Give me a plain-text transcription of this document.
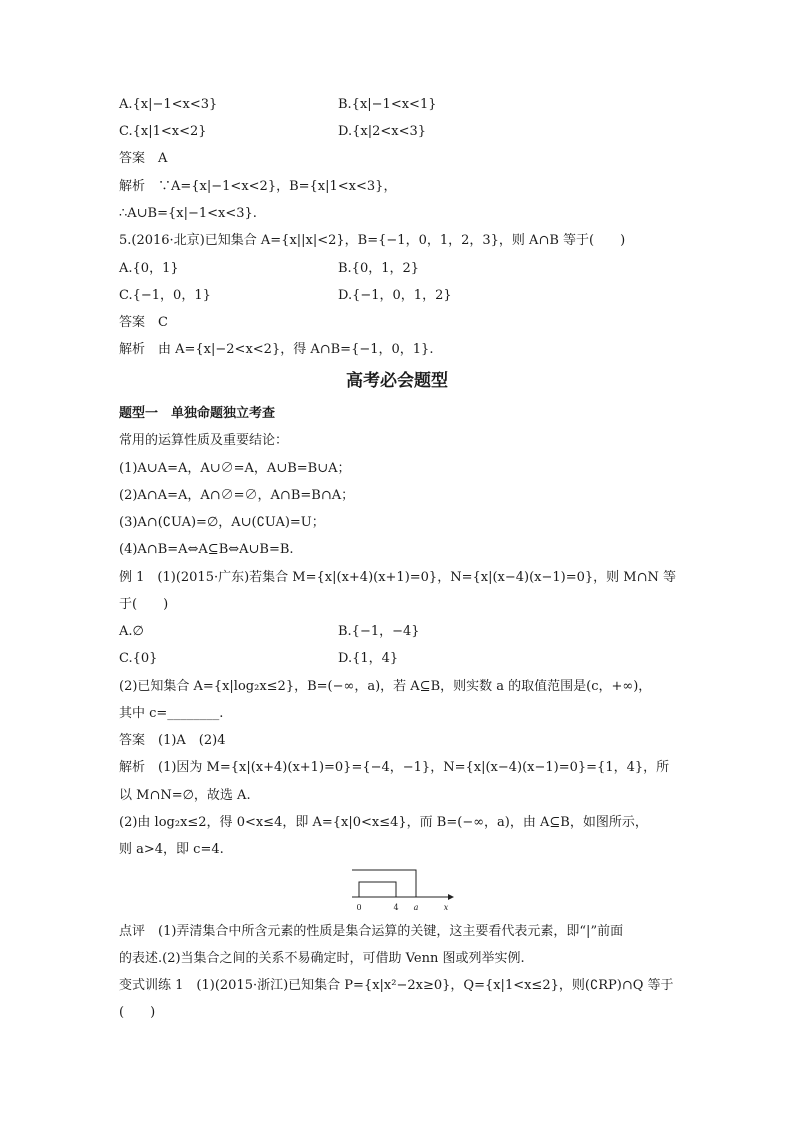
A.{x|−1<x<3}	B.{x|−1<x<1}
C.{x|1<x<2}	D.{x|2<x<3}
答案　A
解析　∵A={x|−1<x<2}，B={x|1<x<3}，
∴A∪B={x|−1<x<3}.
5.(2016·北京)已知集合 A={x||x|<2}，B={−1，0，1，2，3}，则 A∩B 等于(　　)
A.{0，1}	B.{0，1，2}
C.{−1，0，1}	D.{−1，0，1，2}
答案　C
解析　由 A={x|−2<x<2}，得 A∩B={−1，0，1}.
高考必会题型
题型一　单独命题独立考查
常用的运算性质及重要结论：
(1)A∪A=A，A∪∅=A，A∪B=B∪A；
(2)A∩A=A，A∩∅=∅，A∩B=B∩A；
(3)A∩(∁UA)=∅，A∪(∁UA)=U；
(4)A∩B=A⇔A⊆B⇔A∪B=B.
例 1　(1)(2015·广东)若集合 M={x|(x+4)(x+1)=0}，N={x|(x−4)(x−1)=0}，则 M∩N 等
于(　　)
A.∅	B.{−1，−4}
C.{0}	D.{1，4}
(2)已知集合 A={x|log₂x≤2}，B=(−∞，a)，若 A⊆B，则实数 a 的取值范围是(c，+∞)，
其中 c=________.
答案　(1)A　(2)4
解析　(1)因为 M={x|(x+4)(x+1)=0}={−4，−1}，N={x|(x−4)(x−1)=0}={1，4}，所
以 M∩N=∅，故选 A.
(2)由 log₂x≤2，得 0<x≤4，即 A={x|0<x≤4}，而 B=(−∞，a)，由 A⊆B，如图所示，
则 a>4，即 c=4.
0	4 a	x
点评　(1)弄清集合中所含元素的性质是集合运算的关键，这主要看代表元素，即“|”前面
的表述.(2)当集合之间的关系不易确定时，可借助 Venn 图或列举实例.
变式训练 1　(1)(2015·浙江)已知集合 P={x|x²−2x≥0}，Q={x|1<x≤2}，则(∁RP)∩Q 等于
(　　)
